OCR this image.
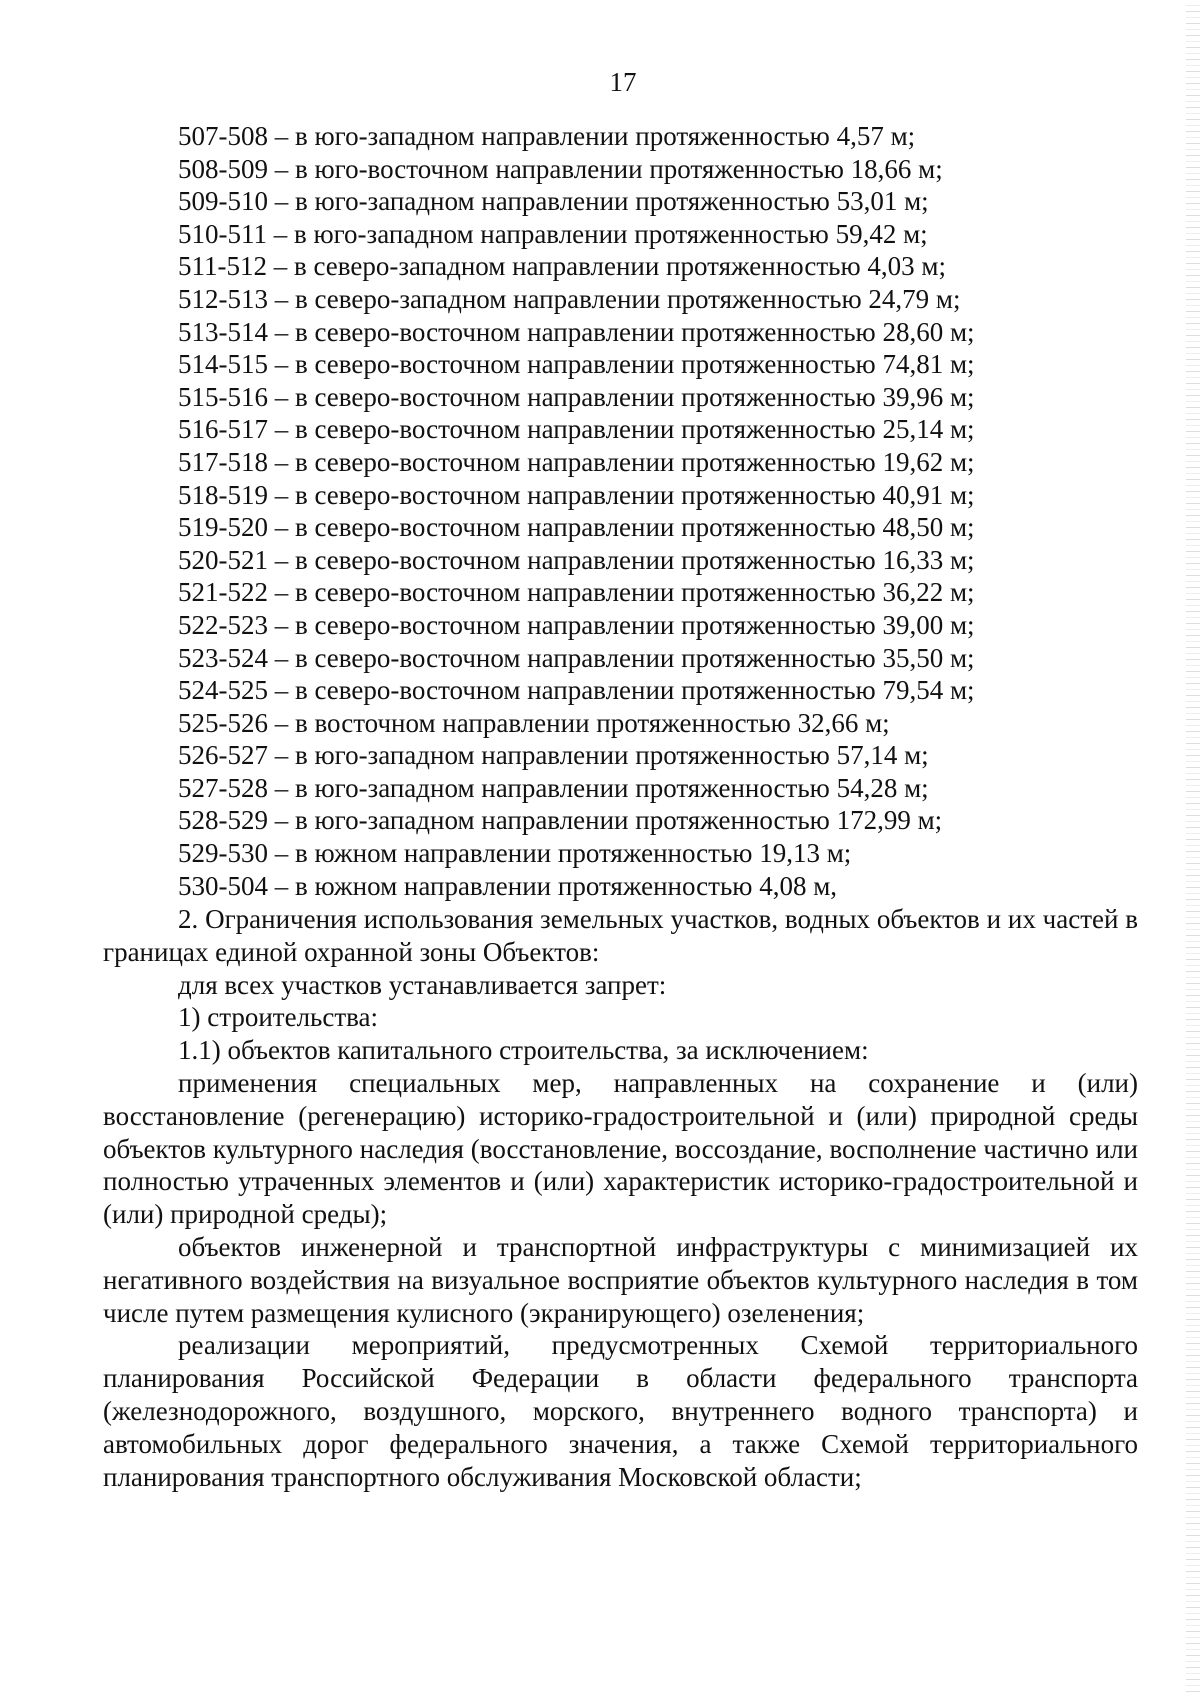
17
507-508 – в юго-западном направлении протяженностью 4,57 м;
508-509 – в юго-восточном направлении протяженностью 18,66 м;
509-510 – в юго-западном направлении протяженностью 53,01 м;
510-511 – в юго-западном направлении протяженностью 59,42 м;
511-512 – в северо-западном направлении протяженностью 4,03 м;
512-513 – в северо-западном направлении протяженностью 24,79 м;
513-514 – в северо-восточном направлении протяженностью 28,60 м;
514-515 – в северо-восточном направлении протяженностью 74,81 м;
515-516 – в северо-восточном направлении протяженностью 39,96 м;
516-517 – в северо-восточном направлении протяженностью 25,14 м;
517-518 – в северо-восточном направлении протяженностью 19,62 м;
518-519 – в северо-восточном направлении протяженностью 40,91 м;
519-520 – в северо-восточном направлении протяженностью 48,50 м;
520-521 – в северо-восточном направлении протяженностью 16,33 м;
521-522 – в северо-восточном направлении протяженностью 36,22 м;
522-523 – в северо-восточном направлении протяженностью 39,00 м;
523-524 – в северо-восточном направлении протяженностью 35,50 м;
524-525 – в северо-восточном направлении протяженностью 79,54 м;
525-526 – в восточном направлении протяженностью 32,66 м;
526-527 – в юго-западном направлении протяженностью 57,14 м;
527-528 – в юго-западном направлении протяженностью 54,28 м;
528-529 – в юго-западном направлении протяженностью 172,99 м;
529-530 – в южном направлении протяженностью 19,13 м;
530-504 – в южном направлении протяженностью 4,08 м,

2. Ограничения использования земельных участков, водных объектов и их частей в границах единой охранной зоны Объектов:

для всех участков устанавливается запрет:

1) строительства:

1.1) объектов капитального строительства, за исключением:

применения специальных мер, направленных на сохранение и (или) восстановление (регенерацию) историко-градостроительной и (или) природной среды объектов культурного наследия (восстановление, воссоздание, восполнение частично или полностью утраченных элементов и (или) характеристик историко-градостроительной и (или) природной среды);

объектов инженерной и транспортной инфраструктуры с минимизацией их негативного воздействия на визуальное восприятие объектов культурного наследия в том числе путем размещения кулисного (экранирующего) озеленения;

реализации мероприятий, предусмотренных Схемой территориального планирования Российской Федерации в области федерального транспорта (железнодорожного, воздушного, морского, внутреннего водного транспорта) и автомобильных дорог федерального значения, а также Схемой территориального планирования транспортного обслуживания Московской области;
